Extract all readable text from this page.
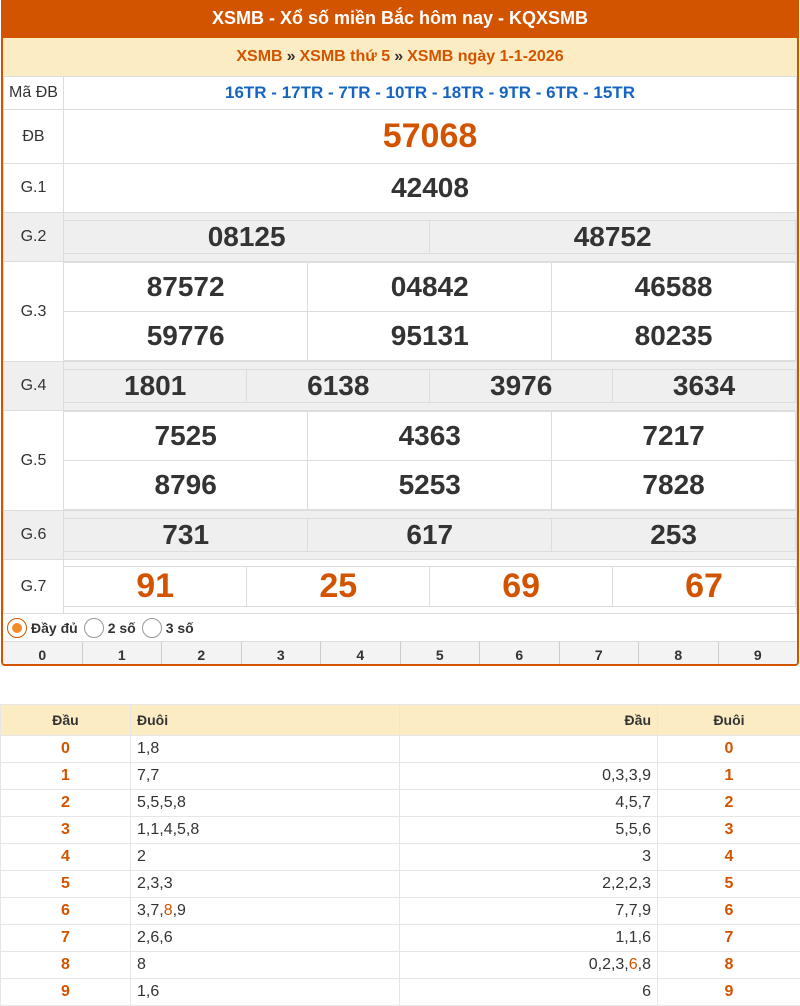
XSMB - Xổ số miền Bắc hôm nay - KQXSMB
XSMB » XSMB thứ 5 » XSMB ngày 1-1-2026
Mã ĐB	16TR - 17TR - 7TR - 10TR - 18TR - 9TR - 6TR - 15TR
ĐB	57068
G.1	42408
G.2		08125	48752

G.3	
87572	04842	46588
59776	95131	80235

G.4		1801	6138	3976	3634

G.5	
7525	4363	7217
8796	5253	7828

G.6		731	617	253

G.7		91	25	69	67
Đầy đủ 2 số 3 số
0	1	2	3	4	5	6	7	8	9
Đầu	Đuôi	Đầu	Đuôi
0	1,8		0
1	7,7	0,3,3,9	1
2	5,5,5,8	4,5,7	2
3	1,1,4,5,8	5,5,6	3
4	2	3	4
5	2,3,3	2,2,2,3	5
6	3,7,8,9	7,7,9	6
7	2,6,6	1,1,6	7
8	8	0,2,3,6,8	8
9	1,6	6	9
